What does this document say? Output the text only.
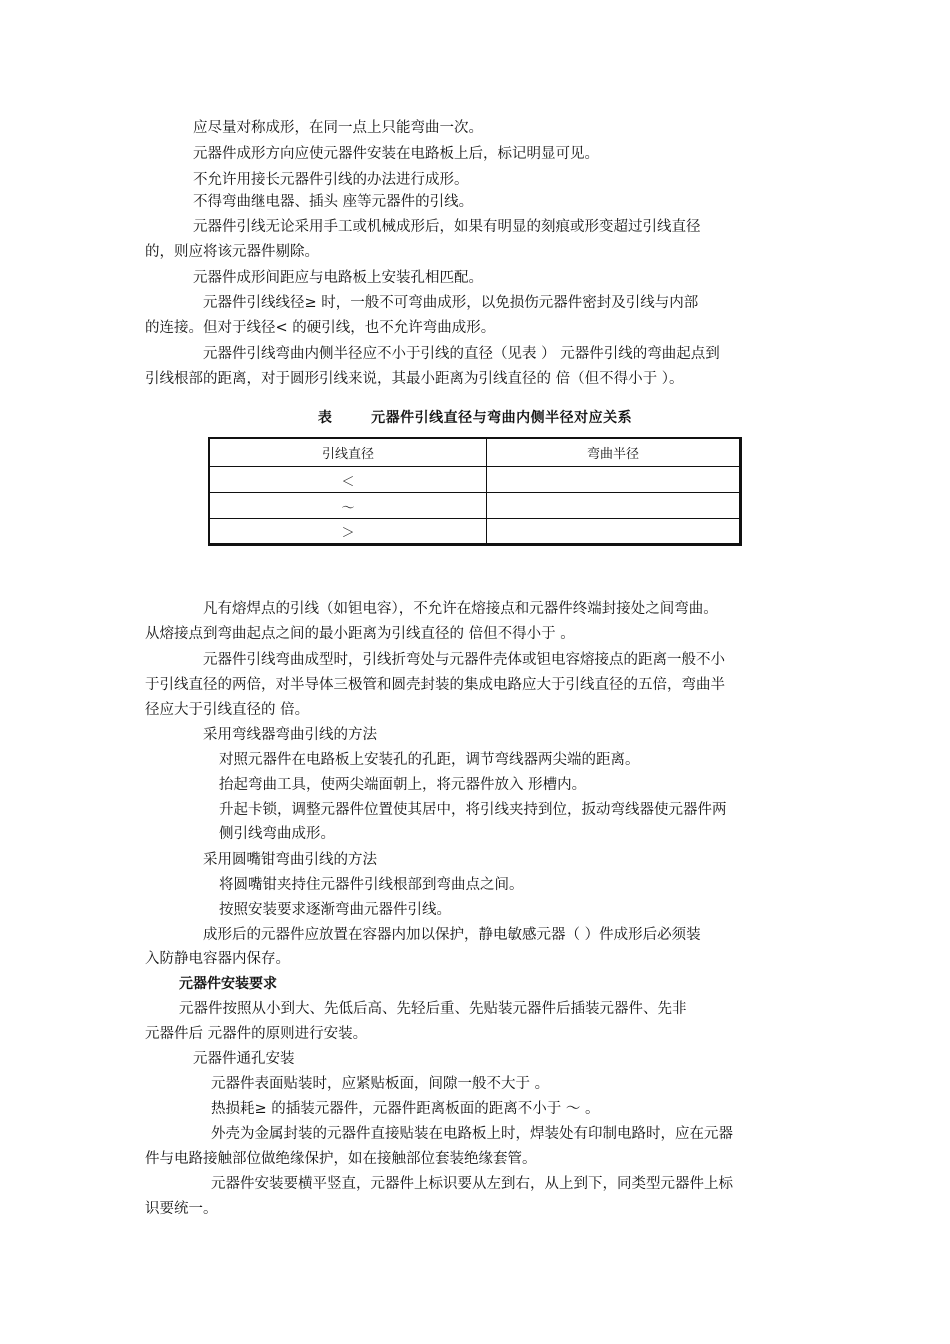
应尽量对称成形，在同一点上只能弯曲一次。
元器件成形方向应使元器件安装在电路板上后，标记明显可见。
不允许用接长元器件引线的办法进行成形。
不得弯曲继电器、插头 座等元器件的引线。
元器件引线无论采用手工或机械成形后，如果有明显的刻痕或形变超过引线直径
的，则应将该元器件剔除。
元器件成形间距应与电路板上安装孔相匹配。
元器件引线线径≥ 时，一般不可弯曲成形，以免损伤元器件密封及引线与内部
的连接。但对于线径< 的硬引线，也不允许弯曲成形。
元器件引线弯曲内侧半径应不小于引线的直径（见表 ） 元器件引线的弯曲起点到
引线根部的距离，对于圆形引线来说，其最小距离为引线直径的 倍（但不得小于 ）。
表	元器件引线直径与弯曲内侧半径对应关系
引线直径	弯曲半径
＜
～
＞
凡有熔焊点的引线（如钽电容），不允许在熔接点和元器件终端封接处之间弯曲。
从熔接点到弯曲起点之间的最小距离为引线直径的 倍但不得小于 。
元器件引线弯曲成型时，引线折弯处与元器件壳体或钽电容熔接点的距离一般不小
于引线直径的两倍，对半导体三极管和圆壳封装的集成电路应大于引线直径的五倍，弯曲半
径应大于引线直径的 倍。
采用弯线器弯曲引线的方法
对照元器件在电路板上安装孔的孔距，调节弯线器两尖端的距离。
抬起弯曲工具，使两尖端面朝上，将元器件放入 形槽内。
升起卡锁，调整元器件位置使其居中，将引线夹持到位，扳动弯线器使元器件两
侧引线弯曲成形。
采用圆嘴钳弯曲引线的方法
将圆嘴钳夹持住元器件引线根部到弯曲点之间。
按照安装要求逐渐弯曲元器件引线。
成形后的元器件应放置在容器内加以保护，静电敏感元器（ ）件成形后必须装
入防静电容器内保存。
元器件安装要求
元器件按照从小到大、先低后高、先轻后重、先贴装元器件后插装元器件、先非
元器件后 元器件的原则进行安装。
元器件通孔安装
元器件表面贴装时，应紧贴板面，间隙一般不大于 。
热损耗≥ 的插装元器件，元器件距离板面的距离不小于 ～ 。
外壳为金属封装的元器件直接贴装在电路板上时，焊装处有印制电路时，应在元器
件与电路接触部位做绝缘保护，如在接触部位套装绝缘套管。
元器件安装要横平竖直，元器件上标识要从左到右，从上到下，同类型元器件上标
识要统一。
